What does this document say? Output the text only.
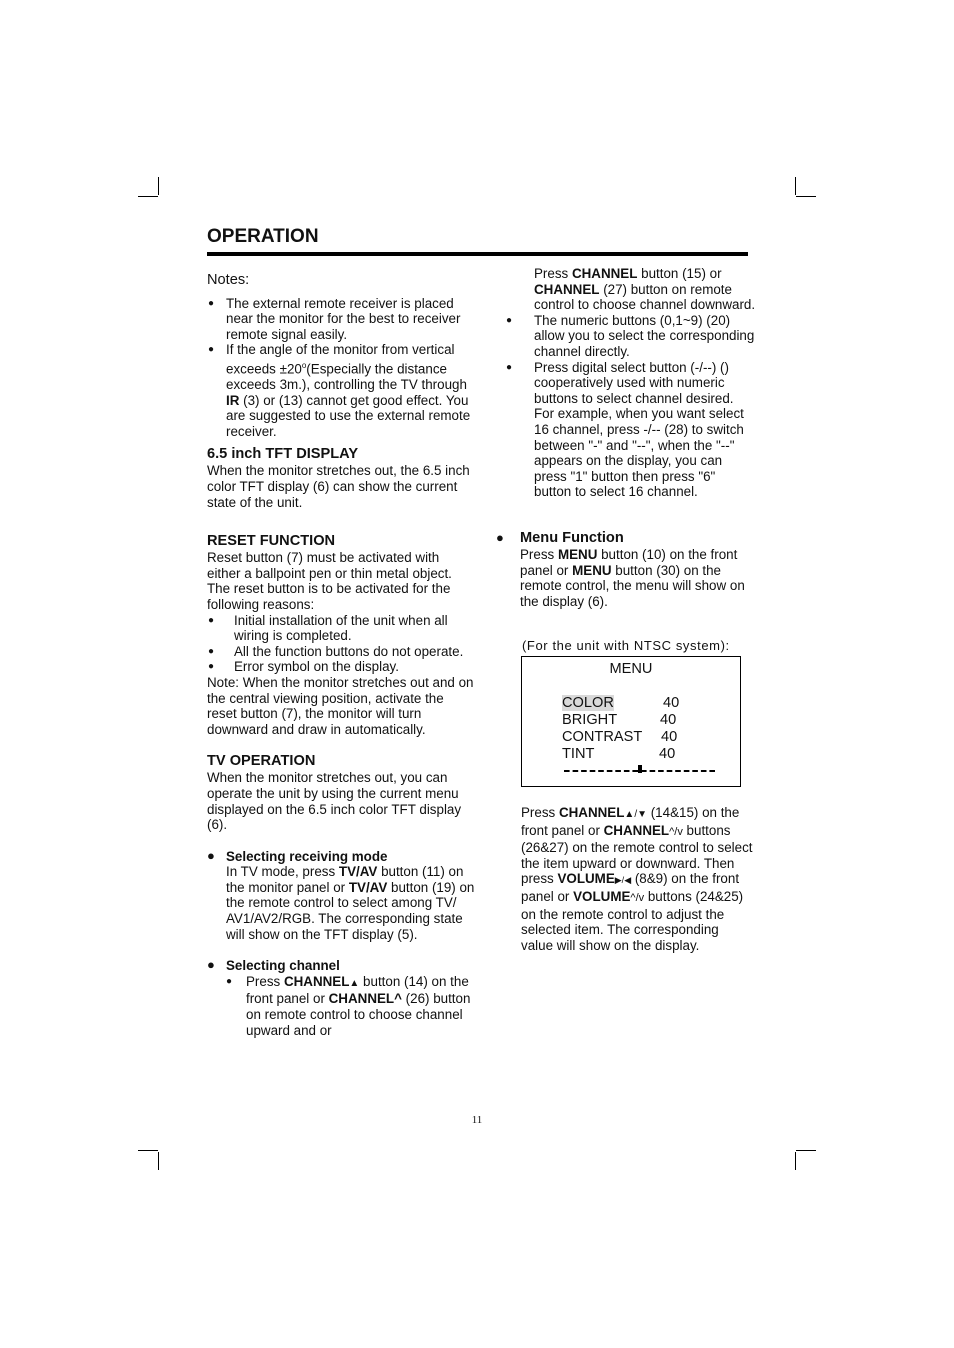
OPERATION

Notes:

● The external remote receiver is placed near the monitor for the best to receiver remote signal easily.

● If the angle of the monitor from vertical exceeds $\pm 20^o(Especially$ the distance exceeds 3m.), controlling the TV through IR (3) or (13) cannot get good effect. You are suggested to use the external remote receiver.

6.5 inch TFT DISPLAY

When the monitor stretches out, the 6.5 inch color TFT display (6) can show the current state of the unit.

RESET FUNCTION

Reset button (7) must be activated with either a ballpoint pen or thin metal object. The reset button is to be activated for the following reasons:

● Initial installation of the unit when all wiring is completed.

● All the function buttons do not operate.

● Error symbol on the display.

Note: When the monitor stretches out and on the central viewing position, activate the reset button (7), the monitor will turn downward and draw in automatically.

TV OPERATION

When the monitor stretches out, you can operate the unit by using the current menu displayed on the 6.5 inch color TFT display (6).

● Selecting receiving mode

In TV mode, press TV/AV button (11) on the monitor panel or TV/AV button (19) on the remote control to select among TV/ AV1/AV2/RGB. The corresponding state will show on the TFT display (5).

● Selecting channel

● Press CHANNEL▲ button (14) on the front panel or CHANNEL^ (26) button on remote control to choose channel upward and or

Press CHANNEL button (15) or CHANNEL (27) button on remote control to choose channel downward.

● The numeric buttons (0,1~9) (20) allow you to select the corresponding channel directly.

● Press digital select button (-/--) () cooperatively used with numeric buttons to select channel desired. For example, when you want select 16 channel, press -/-- (28) to switch between "-" and "--", when the "--" appears on the display, you can press "1" button then press "6" button to select 16 channel.

● Menu Function

Press MENU button (10) on the front panel or MENU button (30) on the remote control, the menu will show on the display (6).

(For the unit with NTSC system):
MENU
COLOR	40
BRIGHT	40
CONTRAST 40
TINT	40

Press CHANNEL▲/▼ (14&15) on the front panel or CHANNEL^/v buttons (26&27) on the remote control to select the item upward or downward. Then press VOLUME▶/◀ (8&9) on the front panel or VOLUME^/v buttons (24&25) on the remote control to adjust the selected item. The corresponding value will show on the display.

11
